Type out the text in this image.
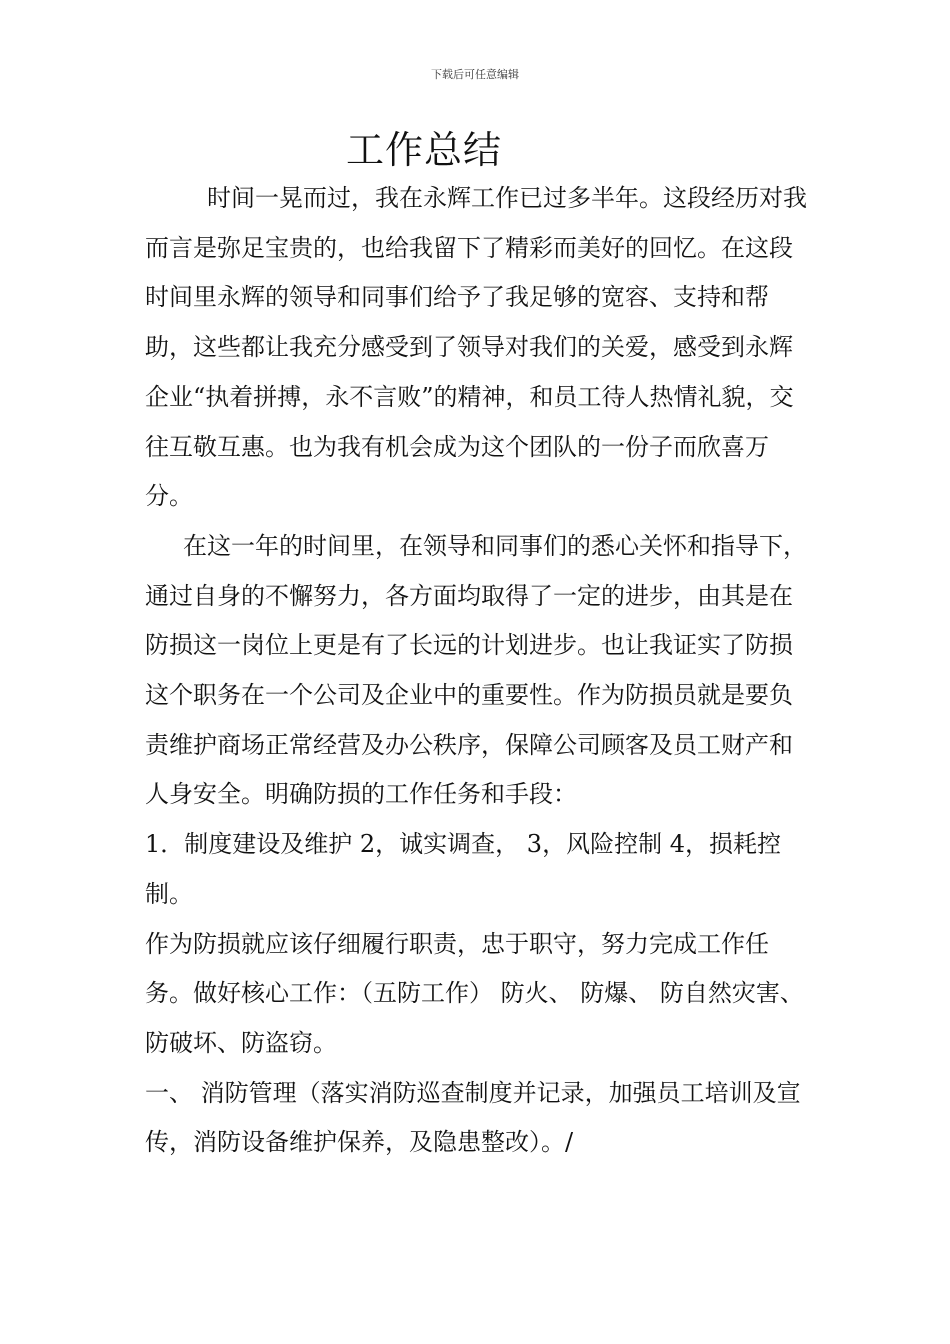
下载后可任意编辑
工作总结

时间一晃而过，我在永辉工作已过多半年。这段经历对我而言是弥足宝贵的，也给我留下了精彩而美好的回忆。在这段时间里永辉的领导和同事们给予了我足够的宽容、支持和帮助，这些都让我充分感受到了领导对我们的关爱，感受到永辉企业“执着拼搏，永不言败”的精神，和员工待人热情礼貌，交往互敬互惠。也为我有机会成为这个团队的一份子而欣喜万分。

在这一年的时间里，在领导和同事们的悉心关怀和指导下，通过自身的不懈努力，各方面均取得了一定的进步，由其是在防损这一岗位上更是有了长远的计划进步。也让我证实了防损这个职务在一个公司及企业中的重要性。作为防损员就是要负责维护商场正常经营及办公秩序，保障公司顾客及员工财产和人身安全。明确防损的工作任务和手段：

1．制度建设及维护 2，诚实调查， 3，风险控制 4，损耗控制。

作为防损就应该仔细履行职责，忠于职守，努力完成工作任务。做好核心工作：（五防工作） 防火、 防爆、 防自然灾害、防破坏、防盗窃。

一、 消防管理（落实消防巡查制度并记录，加强员工培训及宣传，消防设备维护保养，及隐患整改）。/
